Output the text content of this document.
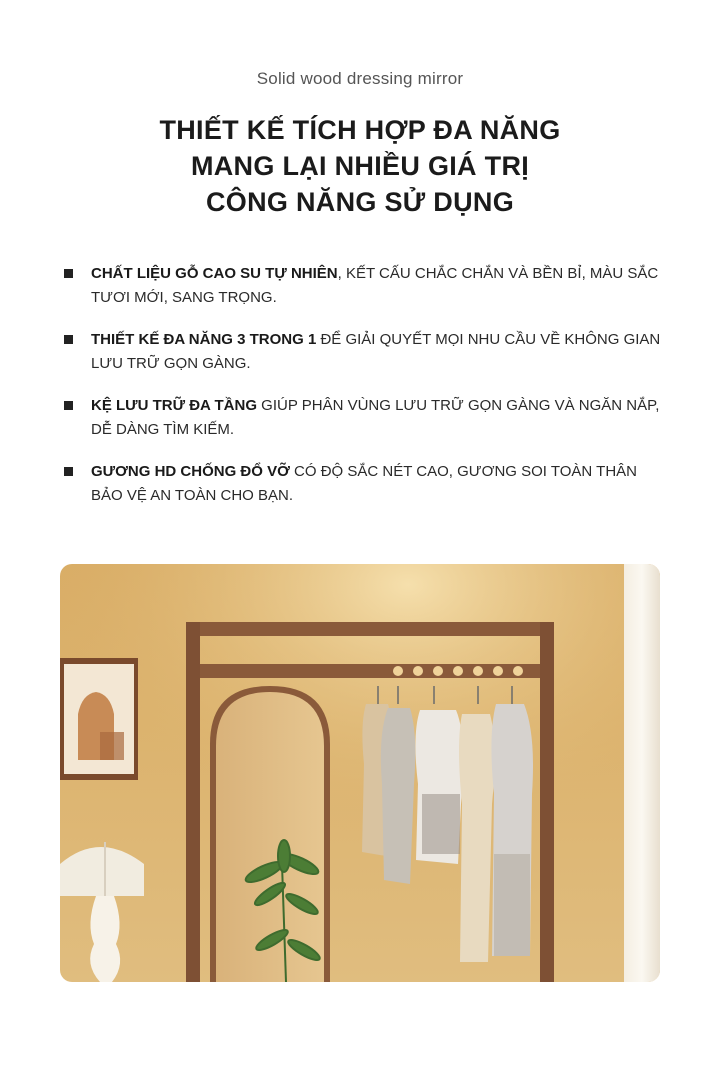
Solid wood dressing mirror
THIẾT KẾ TÍCH HỢP ĐA NĂNG
MANG LẠI NHIỀU GIÁ TRỊ
CÔNG NĂNG SỬ DỤNG
CHẤT LIỆU GỖ CAO SU TỰ NHIÊN, KẾT CẤU CHẮC CHẮN VÀ BỀN BỈ, MÀU SẮC TƯƠI MỚI, SANG TRỌNG.
THIẾT KẾ ĐA NĂNG 3 TRONG 1 ĐỂ GIẢI QUYẾT MỌI NHU CẦU VỀ KHÔNG GIAN LƯU TRỮ GỌN GÀNG.
KỆ LƯU TRỮ ĐA TẦNG GIÚP PHÂN VÙNG LƯU TRỮ GỌN GÀNG VÀ NGĂN NẮP, DỄ DÀNG TÌM KIẾM.
GƯƠNG HD CHỐNG ĐỔ VỠ CÓ ĐỘ SẮC NÉT CAO, GƯƠNG SOI TOÀN THÂN BẢO VỆ AN TOÀN CHO BẠN.
